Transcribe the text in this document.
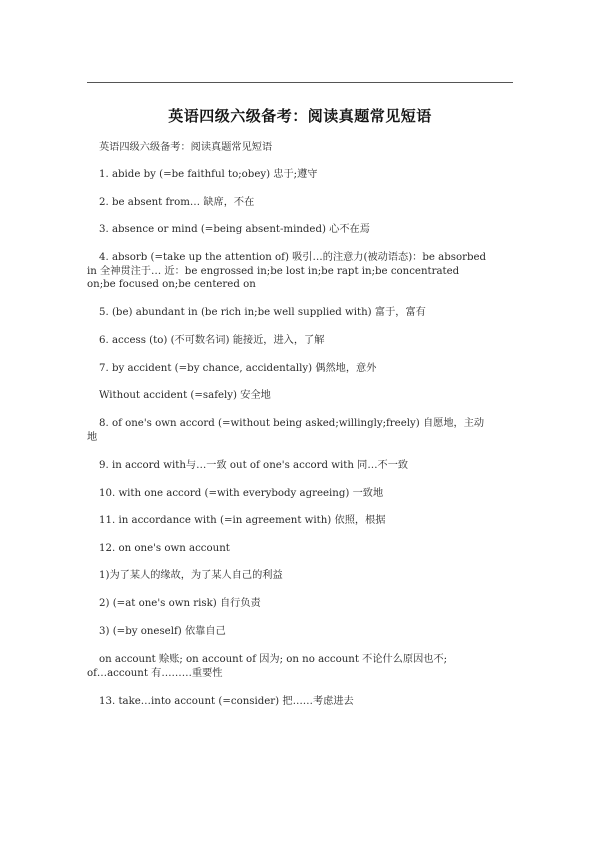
英语四级六级备考：阅读真题常见短语
英语四级六级备考：阅读真题常见短语
1. abide by (=be faithful to;obey) 忠于;遵守
2. be absent from… 缺席，不在
3. absence or mind (=being absent-minded) 心不在焉
4. absorb (=take up the attention of) 吸引…的注意力(被动语态)：be absorbed
in 全神贯注于… 近：be engrossed in;be lost in;be rapt in;be concentrated
on;be focused on;be centered on
5. (be) abundant in (be rich in;be well supplied with) 富于，富有
6. access (to) (不可数名词) 能接近，进入，了解
7. by accident (=by chance, accidentally) 偶然地，意外
Without accident (=safely) 安全地
8. of one's own accord (=without being asked;willingly;freely) 自愿地，主动
地
9. in accord with与…一致 out of one's accord with 同…不一致
10. with one accord (=with everybody agreeing) 一致地
11. in accordance with (=in agreement with) 依照，根据
12. on one's own account
1)为了某人的缘故，为了某人自己的利益
2) (=at one's own risk) 自行负责
3) (=by oneself) 依靠自己
on account 赊账; on account of 因为; on no account 不论什么原因也不;
of…account 有………重要性
13. take…into account (=consider) 把……考虑进去
